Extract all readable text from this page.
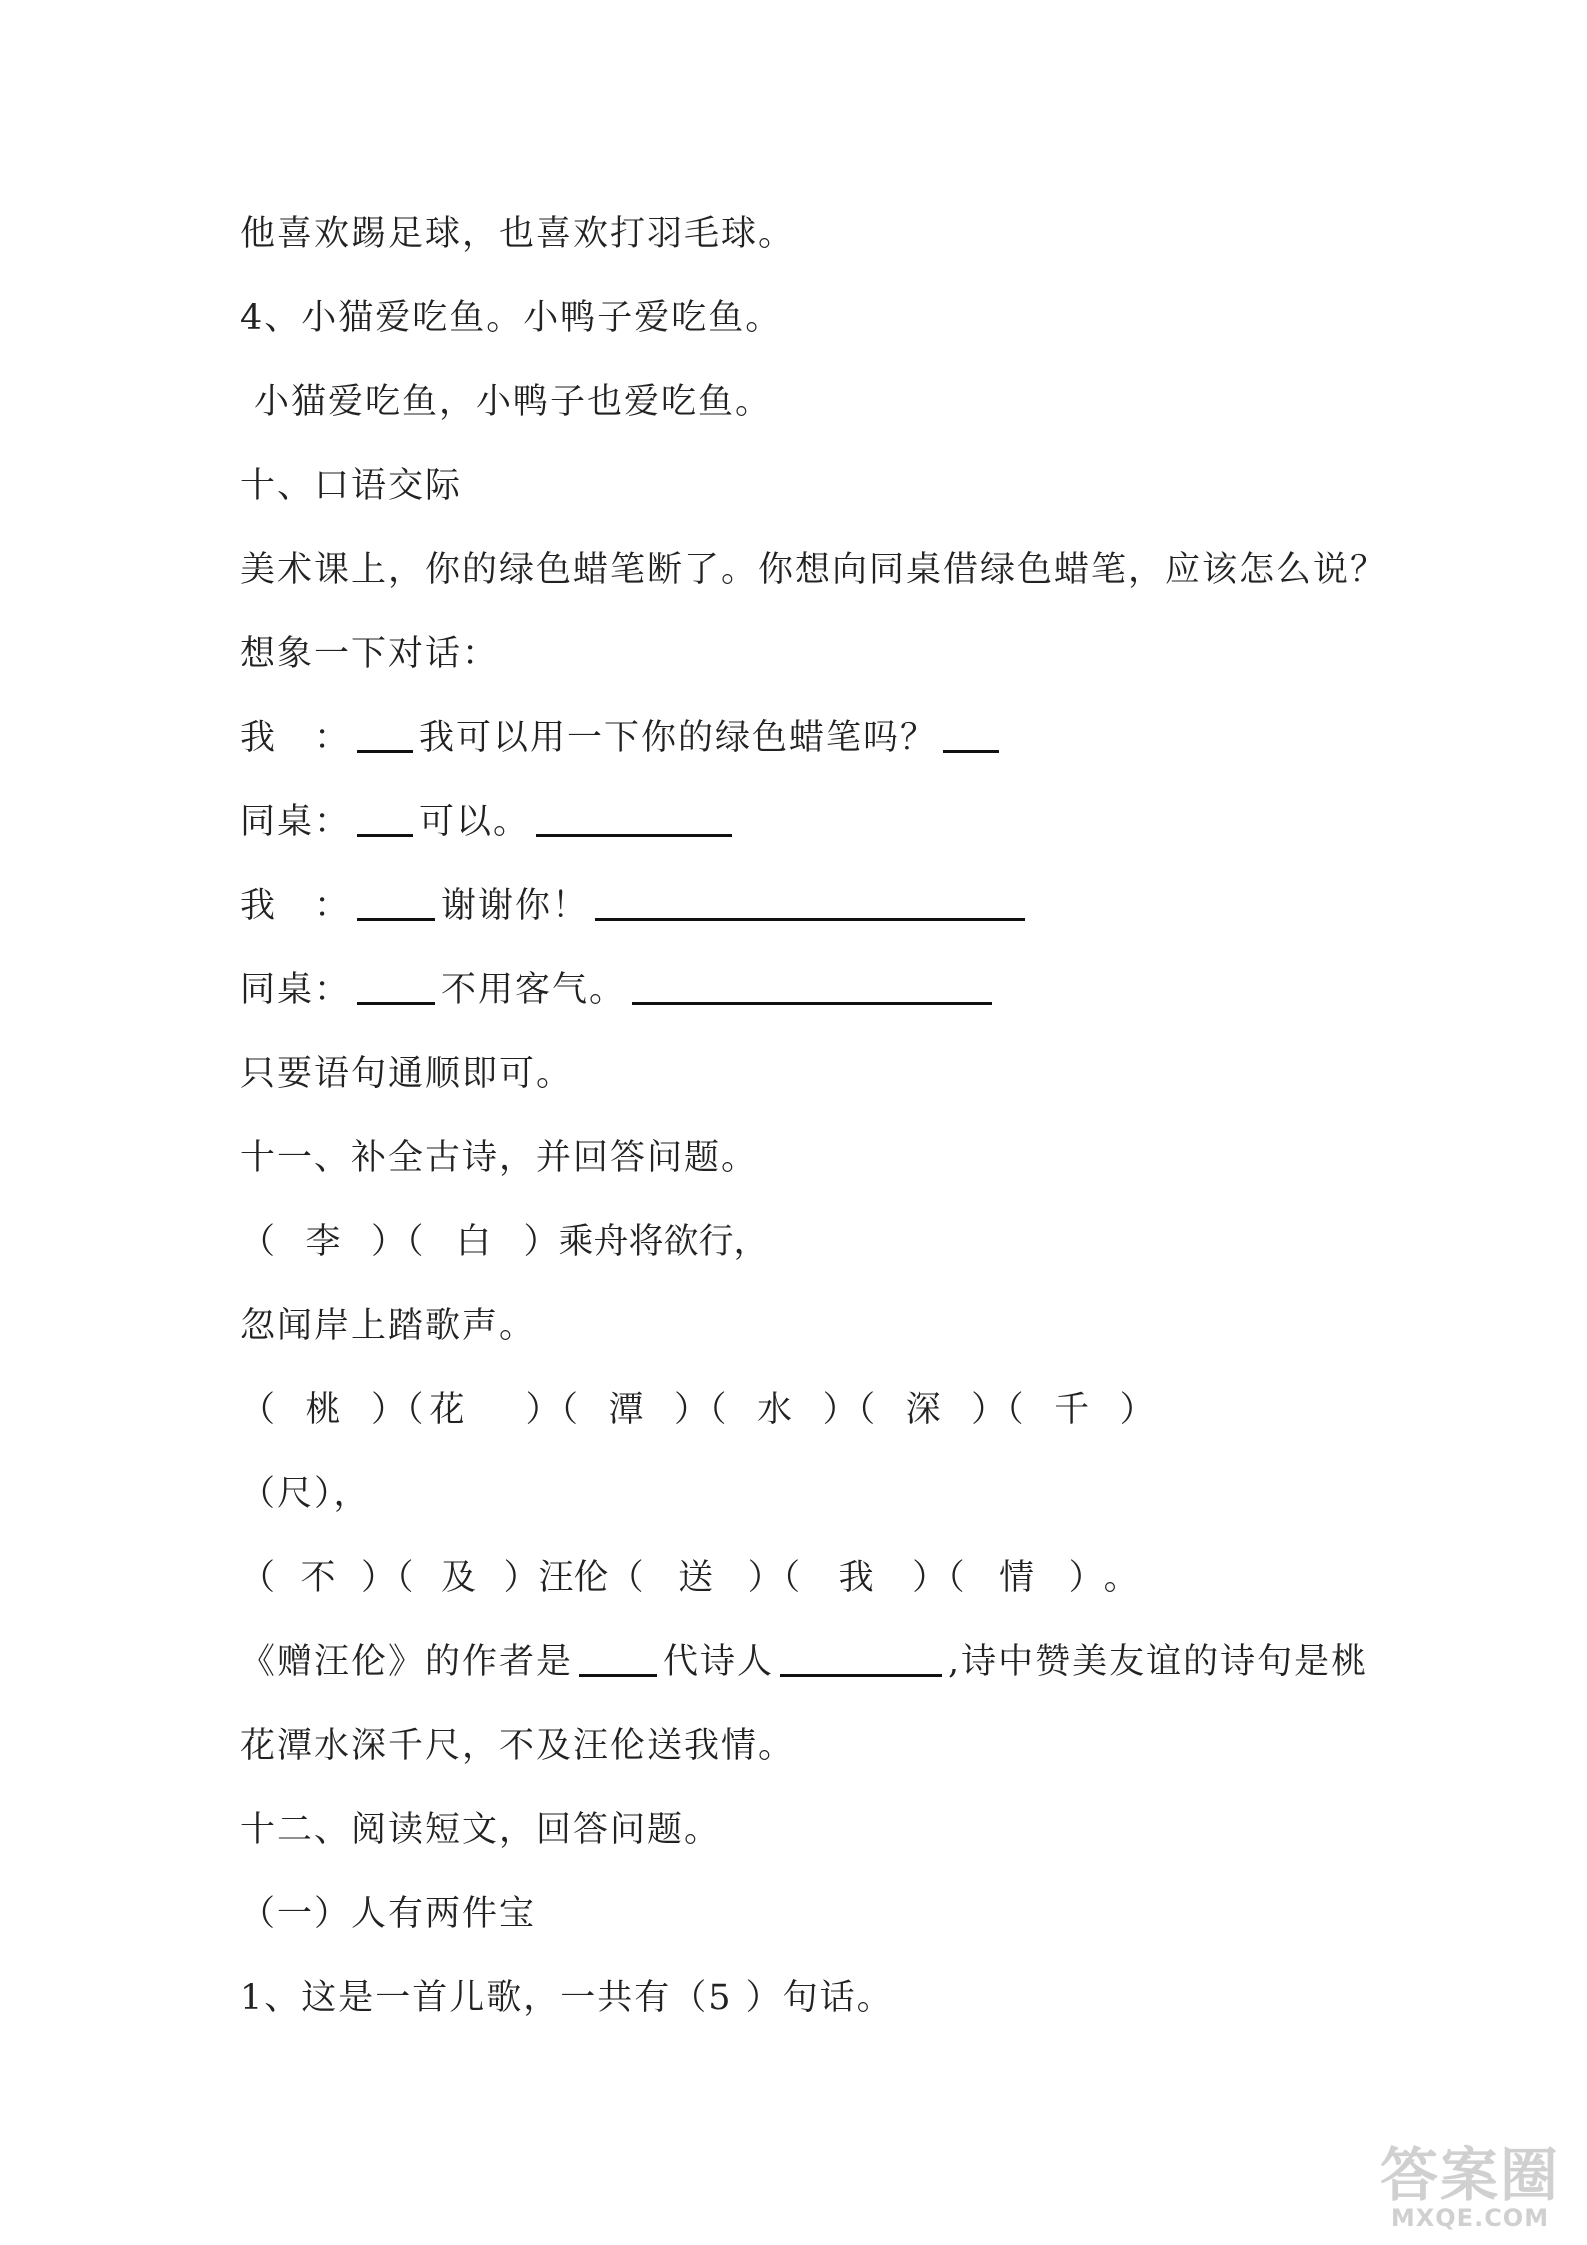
他喜欢踢足球，也喜欢打羽毛球。
4、小猫爱吃鱼。小鸭子爱吃鱼。
小猫爱吃鱼，小鸭子也爱吃鱼。
十、口语交际
美术课上，你的绿色蜡笔断了。你想向同桌借绿色蜡笔，应该怎么说？
想象一下对话：
我　： 我可以用一下你的绿色蜡笔吗？
同桌： 可以。
我　：	谢谢你！
同桌：	不用客气。
只要语句通顺即可。
十一、补全古诗，并回答问题。
（ 李 ）（ 白 ）乘舟将欲行，
忽闻岸上踏歌声。
（ 桃 ）（ 花 ）（ 潭 ）（ 水 ）（ 深 ）（ 千 ）
（尺），
（ 不 ）（ 及 ）汪伦（ 送 ）（ 我 ）（ 情 ）。
《赠汪伦》的作者是	代诗人	,诗中赞美友谊的诗句是桃
花潭水深千尺，不及汪伦送我情。
十二、阅读短文，回答问题。
（一）人有两件宝
1、这是一首儿歌，一共有（5 ）句话。
答案圈
MXQE.COM
